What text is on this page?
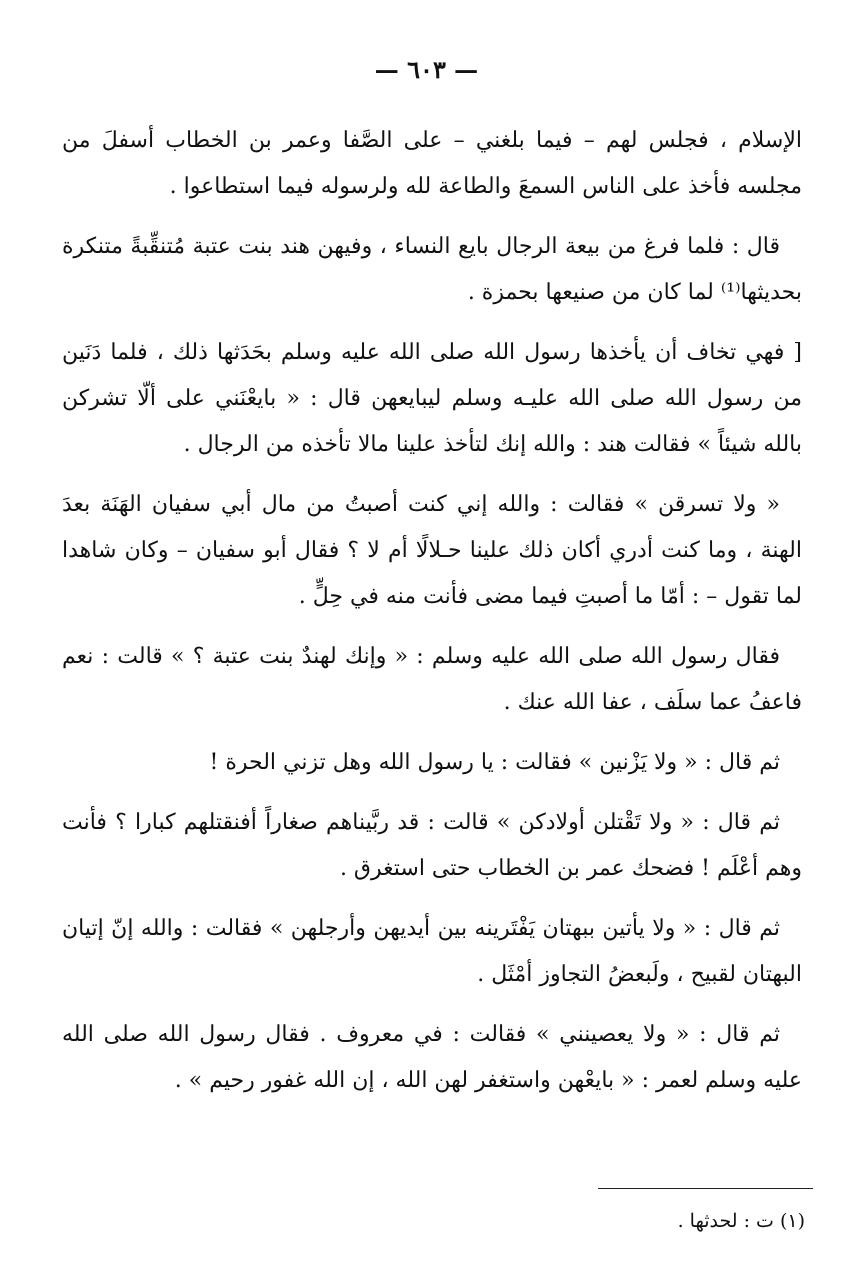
— ٦٠٣ —

الإسلام ، فجلس لهم – فيما بلغني – على الصَّفا وعمر بن الخطاب أسفلَ من مجلسه فأخذ على الناس السمعَ والطاعة لله ولرسوله فيما استطاعوا .

قال : فلما فرغ من بيعة الرجال بايع النساء ، وفيهن هند بنت عتبة مُتنقِّبةً متنكرة بحديثها⁽¹⁾ لما كان من صنيعها بحمزة .

[ فهي تخاف أن يأخذها رسول الله صلى الله عليه وسلم بحَدَثها ذلك ، فلما دَنَين من رسول الله صلى الله عليـه وسلم ليبايعهن قال : « بايعْنَني على ألّا تشركن بالله شيئاً » فقالت هند : والله إنك لتأخذ علينا مالا تأخذه من الرجال .

« ولا تسرقن » فقالت : والله إني كنت أصبتُ من مال أبي سفيان الهَنَة بعدَ الهنة ، وما كنت أدري أكان ذلك علينا حـلالًا أم لا ؟ فقال أبو سفيان – وكان شاهدا لما تقول – : أمّا ما أصبتِ فيما مضى فأنت منه في حِلٍّ .

فقال رسول الله صلى الله عليه وسلم : « وإنك لهندٌ بنت عتبة ؟ » قالت : نعم فاعفُ عما سلَف ، عفا الله عنك .

ثم قال : « ولا يَزْنين » فقالت : يا رسول الله وهل تزني الحرة !

ثم قال : « ولا تَقْتلن أولادكن » قالت : قد ربَّيناهم صغاراً أفنقتلهم كبارا ؟ فأنت وهم أعْلَم ! فضحك عمر بن الخطاب حتى استغرق .

ثم قال : « ولا يأتين ببهتان يَفْتَرينه بين أيديهن وأرجلهن » فقالت : والله إنّ إتيان البهتان لقبيح ، ولَبعضُ التجاوز أمْثَل .

ثم قال : « ولا يعصينني » فقالت : في معروف . فقال رسول الله صلى الله عليه وسلم لعمر : « بايعْهن واستغفر لهن الله ، إن الله غفور رحيم » .

(١) ت : لحدثها .
